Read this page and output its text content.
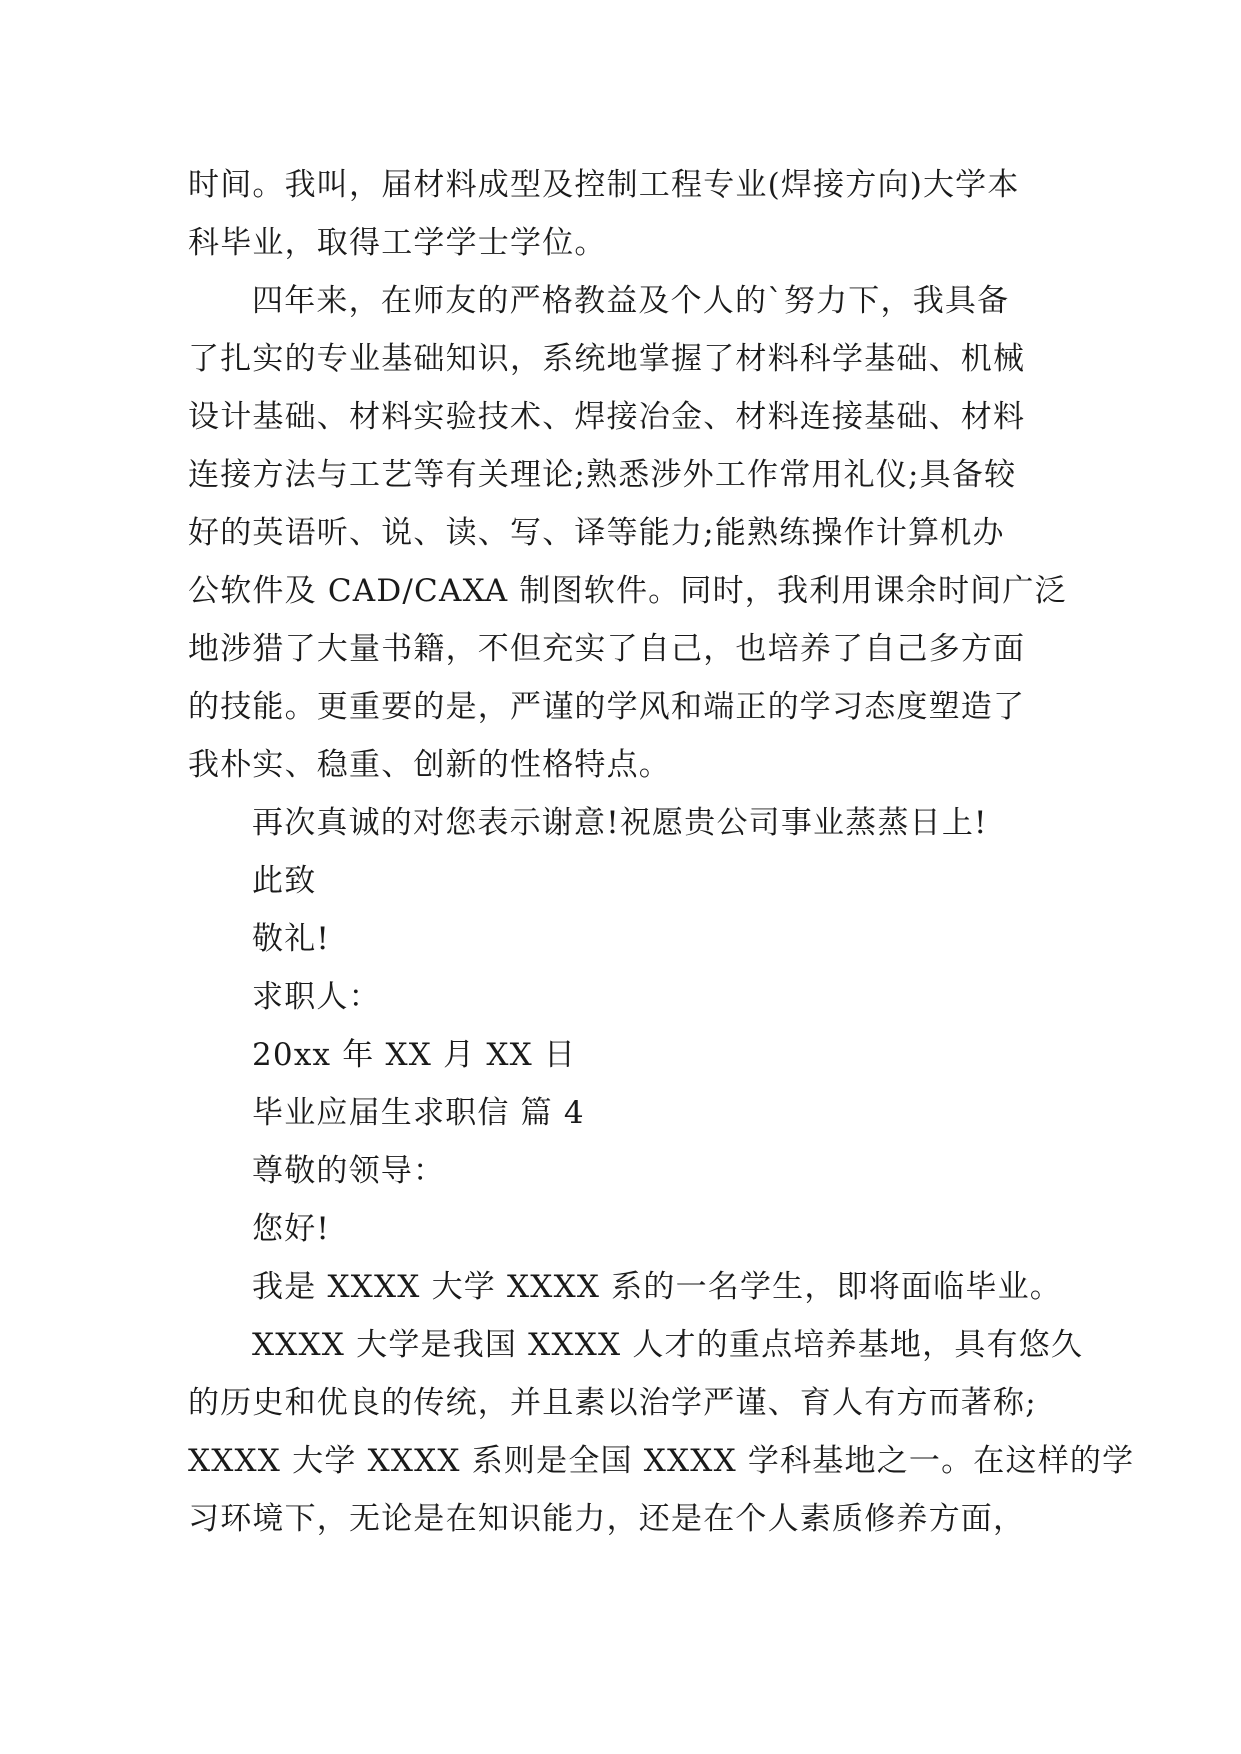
时间。我叫，届材料成型及控制工程专业(焊接方向)大学本
科毕业，取得工学学士学位。

四年来，在师友的严格教益及个人的`努力下，我具备
了扎实的专业基础知识，系统地掌握了材料科学基础、机械
设计基础、材料实验技术、焊接冶金、材料连接基础、材料
连接方法与工艺等有关理论;熟悉涉外工作常用礼仪;具备较
好的英语听、说、读、写、译等能力;能熟练操作计算机办
公软件及 CAD/CAXA 制图软件。同时，我利用课余时间广泛
地涉猎了大量书籍，不但充实了自己，也培养了自己多方面
的技能。更重要的是，严谨的学风和端正的学习态度塑造了
我朴实、稳重、创新的性格特点。

再次真诚的对您表示谢意!祝愿贵公司事业蒸蒸日上!

此致

敬礼!

求职人：

20xx 年 XX 月 XX 日

毕业应届生求职信 篇 4

尊敬的领导：

您好!

我是 XXXX 大学 XXXX 系的一名学生，即将面临毕业。

XXXX 大学是我国 XXXX 人才的重点培养基地，具有悠久
的历史和优良的传统，并且素以治学严谨、育人有方而著称;
XXXX 大学 XXXX 系则是全国 XXXX 学科基地之一。在这样的学
习环境下，无论是在知识能力，还是在个人素质修养方面，
